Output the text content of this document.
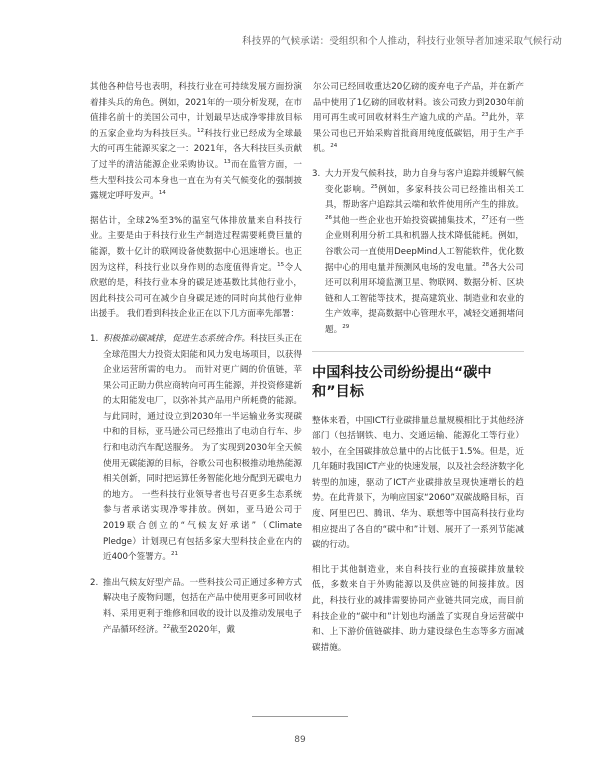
科技界的气候承诺：受组织和个人推动，科技行业领导者加速采取气候行动

其他各种信号也表明，科技行业在可持续发展方面扮演着排头兵的角色。例如，2021年的一项分析发现，在市值排名前十的美国公司中，计划最早达成净零排放目标的五家企业均为科技巨头。$^{12}$科技行业已经成为全球最大的可再生能源买家之一：2021年，各大科技巨头贡献了过半的清洁能源企业采购协议。$^{13}$而在监管方面，一些大型科技公司本身也一直在为有关气候变化的强制披露规定呼吁发声。$^{14}$

据估计，全球2%至3%的温室气体排放量来自科技行业。主要是由于科技行业生产制造过程需要耗费巨量的能源，数十亿计的联网设备使数据中心迅速增长。也正因为这样，科技行业以身作则的态度值得肯定。$^{15}$令人欣慰的是，科技行业本身的碳足迹基数比其他行业小，因此科技公司可在减少自身碳足迹的同时向其他行业伸出援手。 我们看到科技企业正在以下几方面率先部署：

1. 积极推动碳减排，促进生态系统合作。科技巨头正在全球范围大力投资太阳能和风力发电场项目，以获得企业运营所需的电力。 而针对更广阔的价值链，苹果公司正助力供应商转向可再生能源，并投资修建新的太阳能发电厂，以弥补其产品用户所耗费的能源。 与此同时，通过设立到2030年一半运输业务实现碳中和的目标，亚马逊公司已经推出了电动自行车、步行和电动汽车配送服务。 为了实现到2030年全天候使用无碳能源的目标，谷歌公司也积极推动地热能源相关创新，同时把运算任务智能化地分配到无碳电力的地方。 一些科技行业领导者也号召更多生态系统参与者承诺实现净零排放。例如，亚马逊公司于2019联合创立的“气候友好承诺”（Climate Pledge）计划现已有包括多家大型科技企业在内的近400个签署方。$^{21}$
2. 推出气候友好型产品。一些科技公司正通过多种方式解决电子废物问题，包括在产品中使用更多可回收材料、采用更利于维修和回收的设计以及推动发展电子产品循环经济。$^{22}$截至2020年，戴

尔公司已经回收重达20亿磅的废弃电子产品，并在新产品中使用了1亿磅的回收材料。该公司致力到2030年前用可再生或可回收材料生产逾九成的产品。$^{23}$此外，苹果公司也已开始采购首批商用纯度低碳铝，用于生产手机。$^{24}$

3. 大力开发气候科技，助力自身与客户追踪并缓解气候变化影响。$^{25}$例如，多家科技公司已经推出相关工具，帮助客户追踪其云端和软件使用所产生的排放。$^{26}$其他一些企业也开始投资碳捕集技术，$^{27}$还有一些企业则利用分析工具和机器人技术降低能耗。例如，谷歌公司一直使用DeepMind人工智能软件，优化数据中心的用电量并预测风电场的发电量。$^{28}$各大公司还可以利用环境监测卫星、物联网、数据分析、区块链和人工智能等技术，提高建筑业、制造业和农业的生产效率，提高数据中心管理水平，减轻交通拥堵问题。$^{29}$
中国科技公司纷纷提出“碳中和”目标

整体来看，中国ICT行业碳排量总量规模相比于其他经济部门（包括钢铁、电力、交通运输、能源化工等行业）较小，在全国碳排放总量中的占比低于1.5%。但是，近几年随时我国ICT产业的快速发展，以及社会经济数字化转型的加速，驱动了ICT产业碳排放呈现快速增长的趋势。在此背景下，为响应国家“2060”双碳战略目标，百度、阿里巴巴、腾讯、华为、联想等中国高科技行业均相应提出了各自的“碳中和”计划、展开了一系列节能减碳的行动。

相比于其他制造业，来自科技行业的直接碳排放量较低，多数来自于外购能源以及供应链的间接排放。因此，科技行业的减排需要协同产业链共同完成，而目前科技企业的“碳中和”计划也均涵盖了实现自身运营碳中和、上下游价值链碳排、助力建设绿色生态等多方面减碳措施。

89
